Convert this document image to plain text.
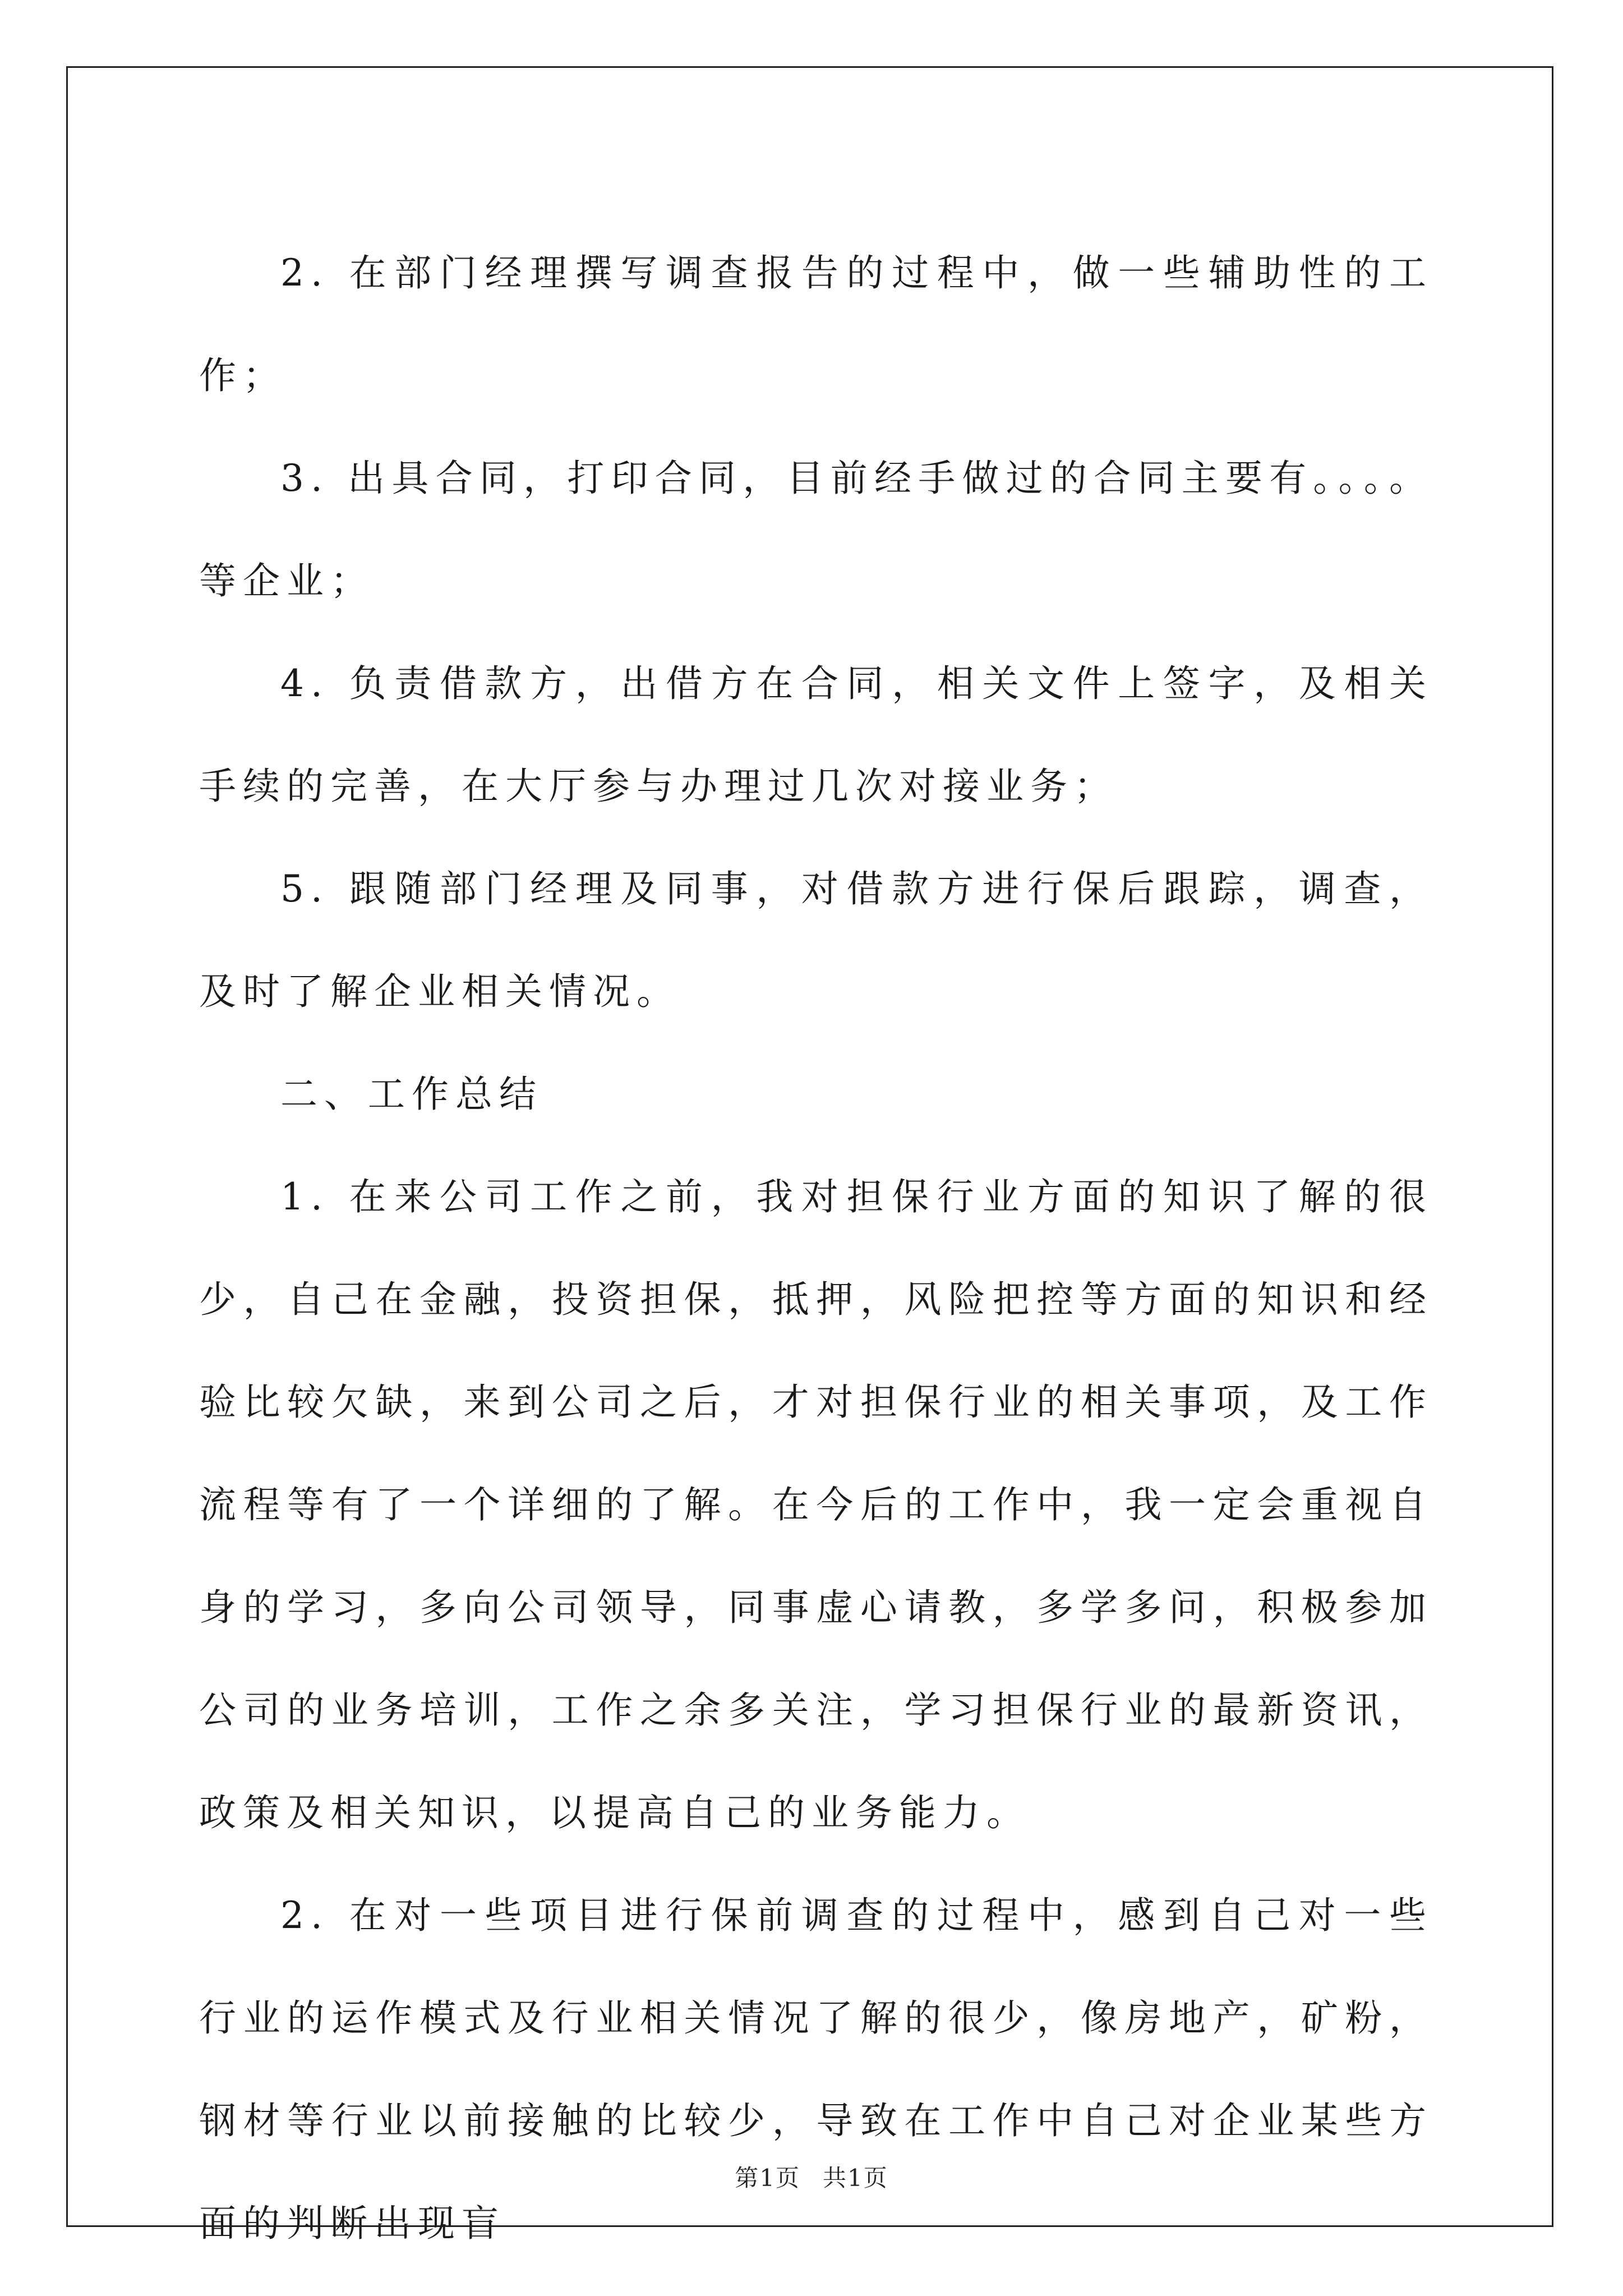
2. 在部门经理撰写调查报告的过程中，做一些辅助性的工作；

3. 出具合同，打印合同，目前经手做过的合同主要有。。。。等企业；

4. 负责借款方，出借方在合同，相关文件上签字，及相关手续的完善，在大厅参与办理过几次对接业务；

5. 跟随部门经理及同事，对借款方进行保后跟踪，调查，及时了解企业相关情况。

二、工作总结

1. 在来公司工作之前，我对担保行业方面的知识了解的很少，自己在金融，投资担保，抵押，风险把控等方面的知识和经验比较欠缺，来到公司之后，才对担保行业的相关事项，及工作流程等有了一个详细的了解。在今后的工作中，我一定会重视自身的学习，多向公司领导，同事虚心请教，多学多问，积极参加公司的业务培训，工作之余多关注，学习担保行业的最新资讯，政策及相关知识，以提高自己的业务能力。

2. 在对一些项目进行保前调查的过程中，感到自己对一些行业的运作模式及行业相关情况了解的很少，像房地产，矿粉，钢材等行业以前接触的比较少，导致在工作中自己对企业某些方面的判断出现盲

第1页 共1页
